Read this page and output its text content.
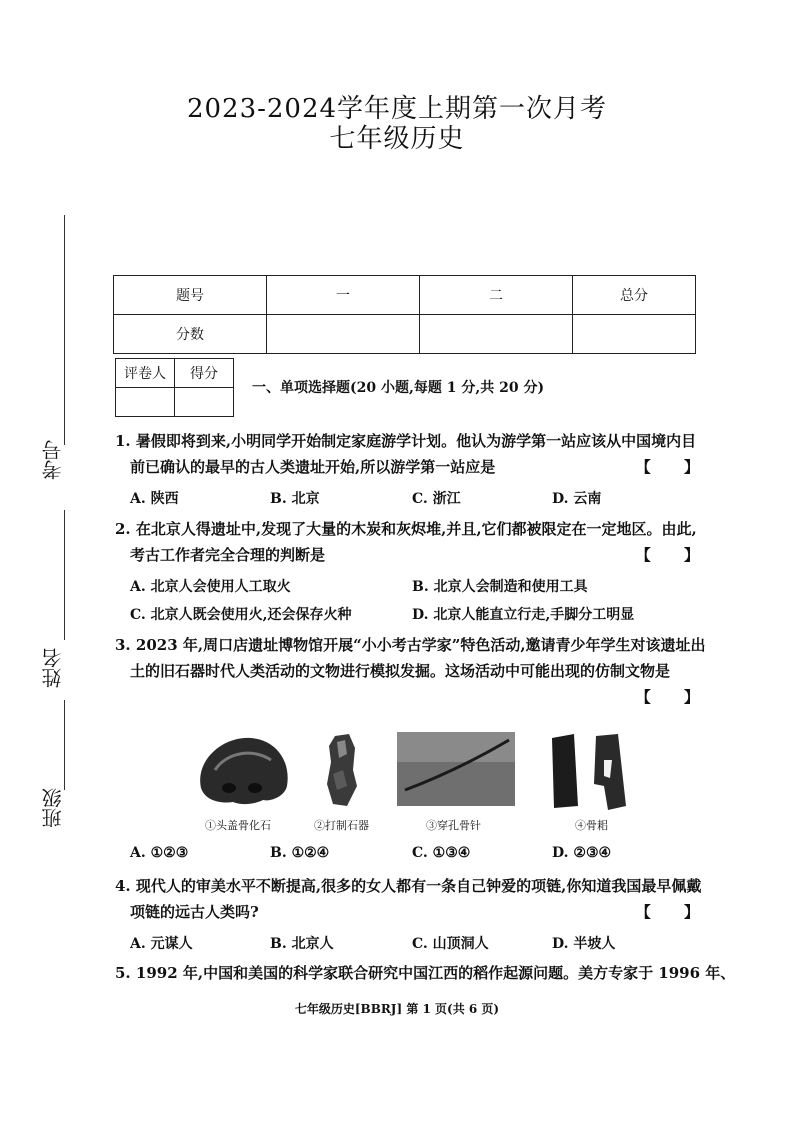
2023-2024学年度上期第一次月考
七年级历史
考号
姓名
班级
题号	一	二	总分
分数			
评卷人	得分

一、单项选择题(20 小题,每题 1 分,共 20 分)
1. 暑假即将到来,小明同学开始制定家庭游学计划。他认为游学第一站应该从中国境内目
前已确认的最早的古人类遗址开始,所以游学第一站应是	【 】
A. 陕西	B. 北京	C. 浙江	D. 云南
2. 在北京人得遗址中,发现了大量的木炭和灰烬堆,并且,它们都被限定在一定地区。由此,
考古工作者完全合理的判断是	【 】
A. 北京人会使用人工取火	B. 北京人会制造和使用工具
C. 北京人既会使用火,还会保存火种	D. 北京人能直立行走,手脚分工明显
3. 2023 年,周口店遗址博物馆开展“小小考古学家”特色活动,邀请青少年学生对该遗址出
土的旧石器时代人类活动的文物进行模拟发掘。这场活动中可能出现的仿制文物是
【 】
①头盖骨化石	②打制石器	③穿孔骨针	④骨耜
A. ①②③	B. ①②④	C. ①③④	D. ②③④
4. 现代人的审美水平不断提高,很多的女人都有一条自己钟爱的项链,你知道我国最早佩戴
项链的远古人类吗?	【 】
A. 元谋人	B. 北京人	C. 山顶洞人	D. 半坡人
5. 1992 年,中国和美国的科学家联合研究中国江西的稻作起源问题。美方专家于 1996 年、
七年级历史[BBRJ] 第 1 页(共 6 页)
